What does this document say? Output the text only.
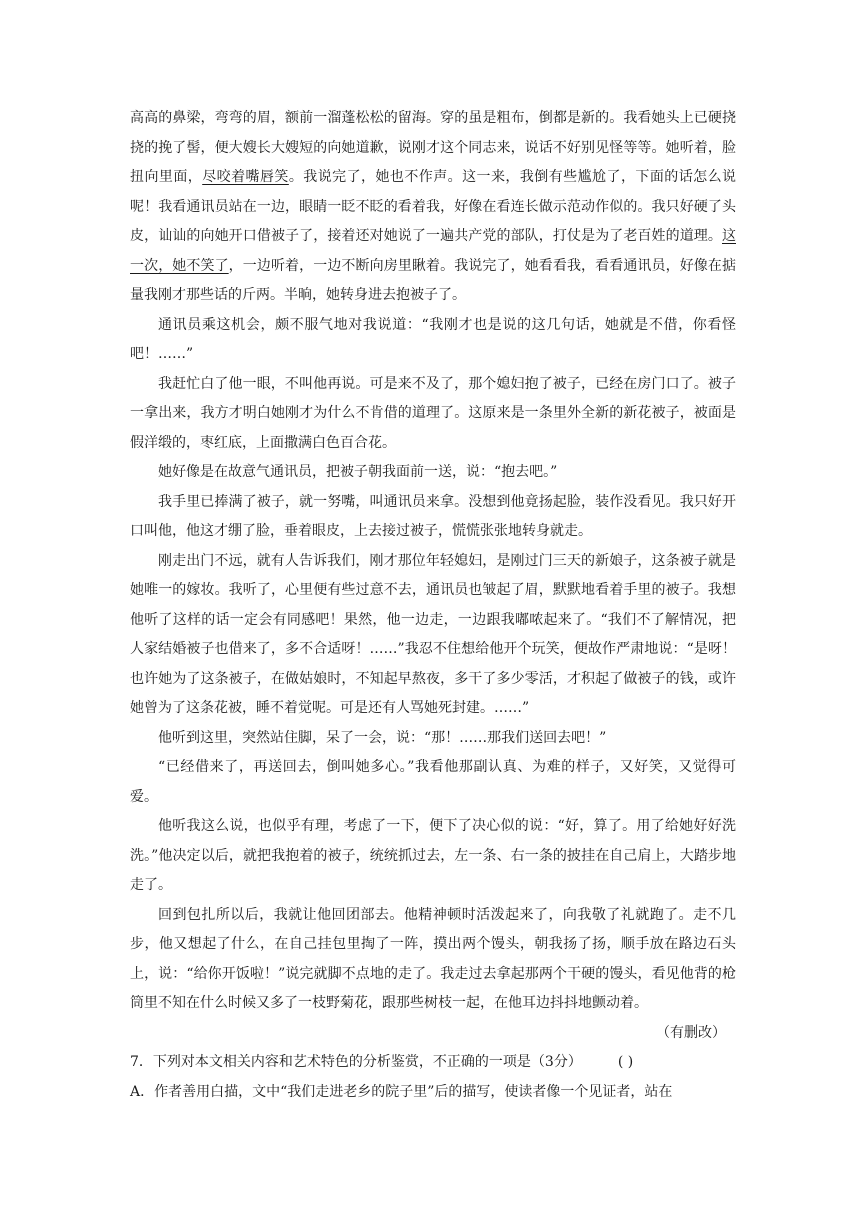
高高的鼻梁，弯弯的眉，额前一溜蓬松松的留海。穿的虽是粗布，倒都是新的。我看她头上已硬挠挠的挽了髻，便大嫂长大嫂短的向她道歉，说刚才这个同志来，说话不好别见怪等等。她听着，脸扭向里面，尽咬着嘴唇笑。我说完了，她也不作声。这一来，我倒有些尴尬了，下面的话怎么说呢！我看通讯员站在一边，眼睛一眨不眨的看着我，好像在看连长做示范动作似的。我只好硬了头皮，讪讪的向她开口借被子了，接着还对她说了一遍共产党的部队，打仗是为了老百姓的道理。这一次，她不笑了，一边听着，一边不断向房里瞅着。我说完了，她看看我，看看通讯员，好像在掂量我刚才那些话的斤两。半晌，她转身进去抱被子了。

通讯员乘这机会，颇不服气地对我说道：“我刚才也是说的这几句话，她就是不借，你看怪吧！……”

我赶忙白了他一眼，不叫他再说。可是来不及了，那个媳妇抱了被子，已经在房门口了。被子一拿出来，我方才明白她刚才为什么不肯借的道理了。这原来是一条里外全新的新花被子，被面是假洋缎的，枣红底，上面撒满白色百合花。

她好像是在故意气通讯员，把被子朝我面前一送，说：“抱去吧。”

我手里已捧满了被子，就一努嘴，叫通讯员来拿。没想到他竟扬起脸，装作没看见。我只好开口叫他，他这才绷了脸，垂着眼皮，上去接过被子，慌慌张张地转身就走。

刚走出门不远，就有人告诉我们，刚才那位年轻媳妇，是刚过门三天的新娘子，这条被子就是她唯一的嫁妆。我听了，心里便有些过意不去，通讯员也皱起了眉，默默地看着手里的被子。我想他听了这样的话一定会有同感吧！果然，他一边走，一边跟我嘟哝起来了。“我们不了解情况，把人家结婚被子也借来了，多不合适呀！……”我忍不住想给他开个玩笑，便故作严肃地说：“是呀！也许她为了这条被子，在做姑娘时，不知起早熬夜，多干了多少零活，才积起了做被子的钱，或许她曾为了这条花被，睡不着觉呢。可是还有人骂她死封建。……”

他听到这里，突然站住脚，呆了一会，说：“那！……那我们送回去吧！”

“已经借来了，再送回去，倒叫她多心。”我看他那副认真、为难的样子，又好笑，又觉得可爱。

他听我这么说，也似乎有理，考虑了一下，便下了决心似的说：“好，算了。用了给她好好洗洗。”他决定以后，就把我抱着的被子，统统抓过去，左一条、右一条的披挂在自己肩上，大踏步地走了。

回到包扎所以后，我就让他回团部去。他精神顿时活泼起来了，向我敬了礼就跑了。走不几步，他又想起了什么，在自己挂包里掏了一阵，摸出两个馒头，朝我扬了扬，顺手放在路边石头上，说：“给你开饭啦！”说完就脚不点地的走了。我走过去拿起那两个干硬的馒头，看见他背的枪筒里不知在什么时候又多了一枝野菊花，跟那些树枝一起，在他耳边抖抖地颤动着。

（有删改）

7．下列对本文相关内容和艺术特色的分析鉴赏，不正确的一项是（3分）	( )

A．作者善用白描，文中“我们走进老乡的院子里”后的描写，使读者像一个见证者，站在
